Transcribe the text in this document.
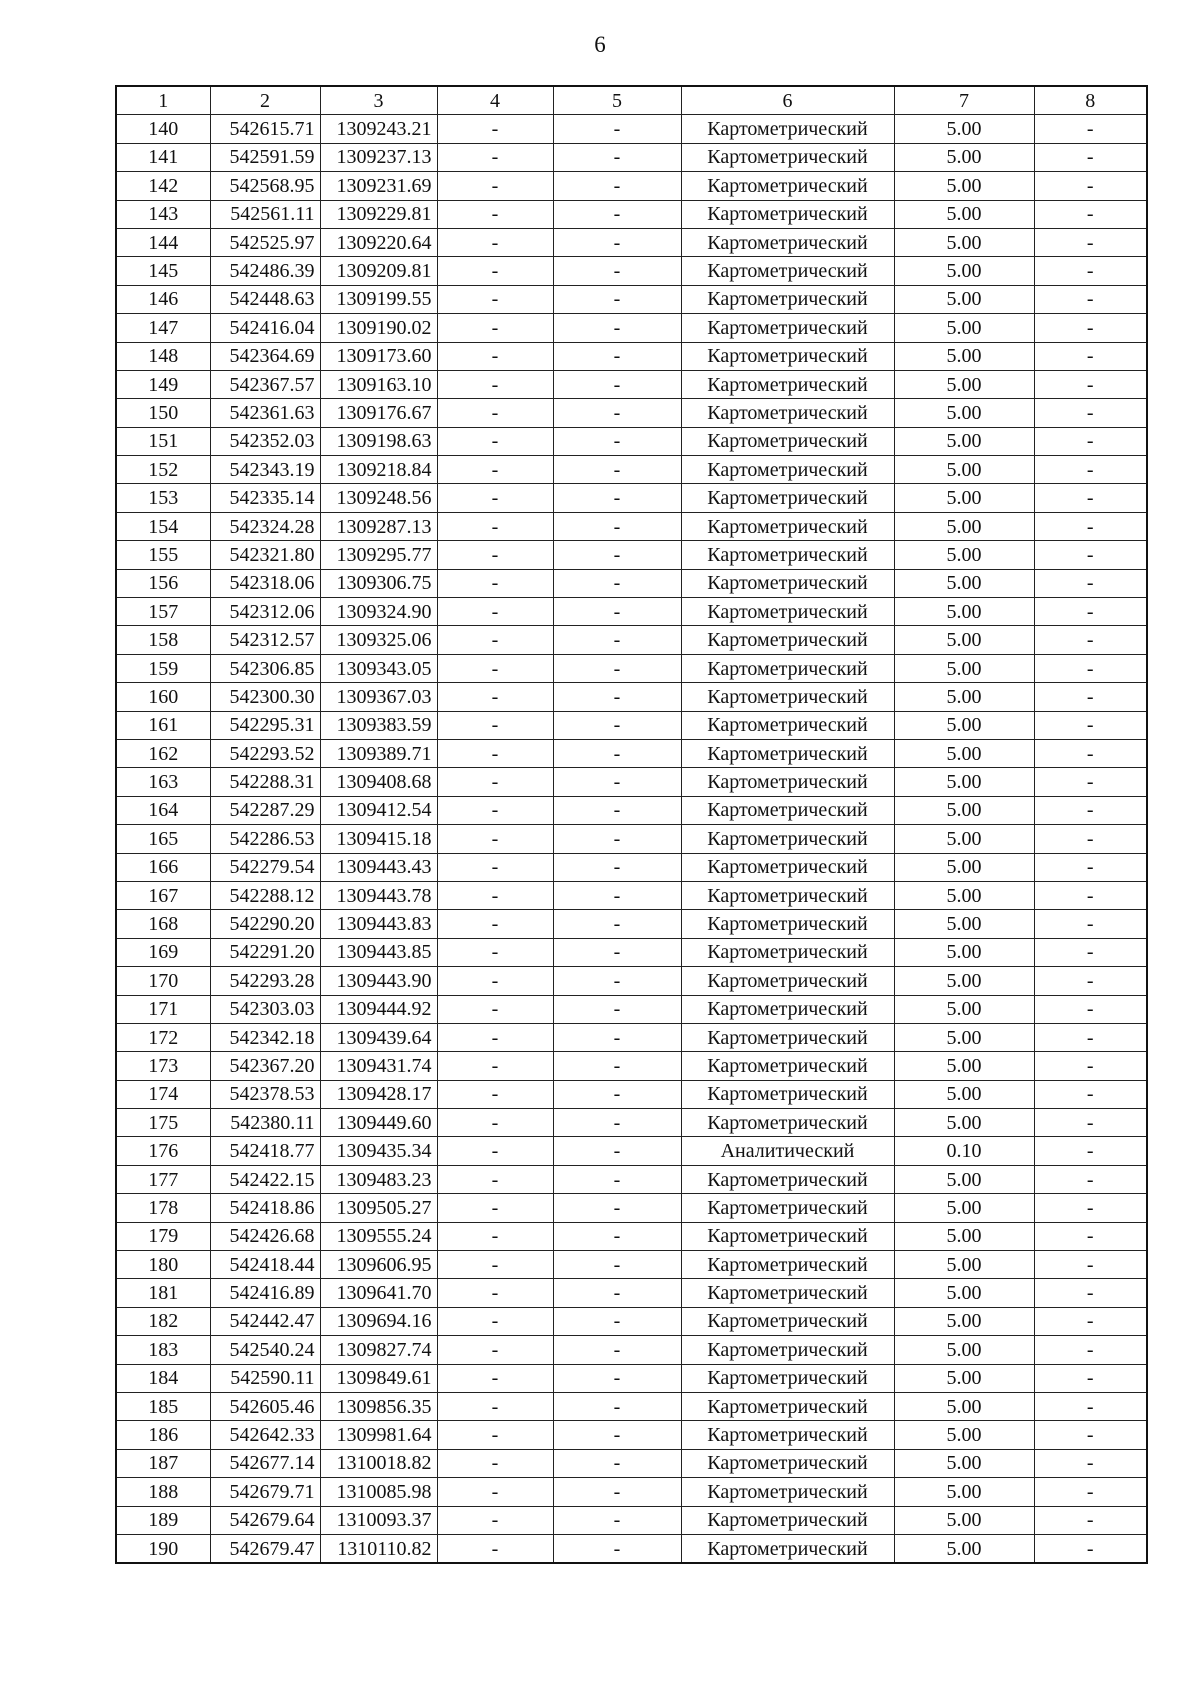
6
1	2	3	4	5	6	7	8
140	542615.71	1309243.21	-	-	Картометрический	5.00	-
141	542591.59	1309237.13	-	-	Картометрический	5.00	-
142	542568.95	1309231.69	-	-	Картометрический	5.00	-
143	542561.11	1309229.81	-	-	Картометрический	5.00	-
144	542525.97	1309220.64	-	-	Картометрический	5.00	-
145	542486.39	1309209.81	-	-	Картометрический	5.00	-
146	542448.63	1309199.55	-	-	Картометрический	5.00	-
147	542416.04	1309190.02	-	-	Картометрический	5.00	-
148	542364.69	1309173.60	-	-	Картометрический	5.00	-
149	542367.57	1309163.10	-	-	Картометрический	5.00	-
150	542361.63	1309176.67	-	-	Картометрический	5.00	-
151	542352.03	1309198.63	-	-	Картометрический	5.00	-
152	542343.19	1309218.84	-	-	Картометрический	5.00	-
153	542335.14	1309248.56	-	-	Картометрический	5.00	-
154	542324.28	1309287.13	-	-	Картометрический	5.00	-
155	542321.80	1309295.77	-	-	Картометрический	5.00	-
156	542318.06	1309306.75	-	-	Картометрический	5.00	-
157	542312.06	1309324.90	-	-	Картометрический	5.00	-
158	542312.57	1309325.06	-	-	Картометрический	5.00	-
159	542306.85	1309343.05	-	-	Картометрический	5.00	-
160	542300.30	1309367.03	-	-	Картометрический	5.00	-
161	542295.31	1309383.59	-	-	Картометрический	5.00	-
162	542293.52	1309389.71	-	-	Картометрический	5.00	-
163	542288.31	1309408.68	-	-	Картометрический	5.00	-
164	542287.29	1309412.54	-	-	Картометрический	5.00	-
165	542286.53	1309415.18	-	-	Картометрический	5.00	-
166	542279.54	1309443.43	-	-	Картометрический	5.00	-
167	542288.12	1309443.78	-	-	Картометрический	5.00	-
168	542290.20	1309443.83	-	-	Картометрический	5.00	-
169	542291.20	1309443.85	-	-	Картометрический	5.00	-
170	542293.28	1309443.90	-	-	Картометрический	5.00	-
171	542303.03	1309444.92	-	-	Картометрический	5.00	-
172	542342.18	1309439.64	-	-	Картометрический	5.00	-
173	542367.20	1309431.74	-	-	Картометрический	5.00	-
174	542378.53	1309428.17	-	-	Картометрический	5.00	-
175	542380.11	1309449.60	-	-	Картометрический	5.00	-
176	542418.77	1309435.34	-	-	Аналитический	0.10	-
177	542422.15	1309483.23	-	-	Картометрический	5.00	-
178	542418.86	1309505.27	-	-	Картометрический	5.00	-
179	542426.68	1309555.24	-	-	Картометрический	5.00	-
180	542418.44	1309606.95	-	-	Картометрический	5.00	-
181	542416.89	1309641.70	-	-	Картометрический	5.00	-
182	542442.47	1309694.16	-	-	Картометрический	5.00	-
183	542540.24	1309827.74	-	-	Картометрический	5.00	-
184	542590.11	1309849.61	-	-	Картометрический	5.00	-
185	542605.46	1309856.35	-	-	Картометрический	5.00	-
186	542642.33	1309981.64	-	-	Картометрический	5.00	-
187	542677.14	1310018.82	-	-	Картометрический	5.00	-
188	542679.71	1310085.98	-	-	Картометрический	5.00	-
189	542679.64	1310093.37	-	-	Картометрический	5.00	-
190	542679.47	1310110.82	-	-	Картометрический	5.00	-
